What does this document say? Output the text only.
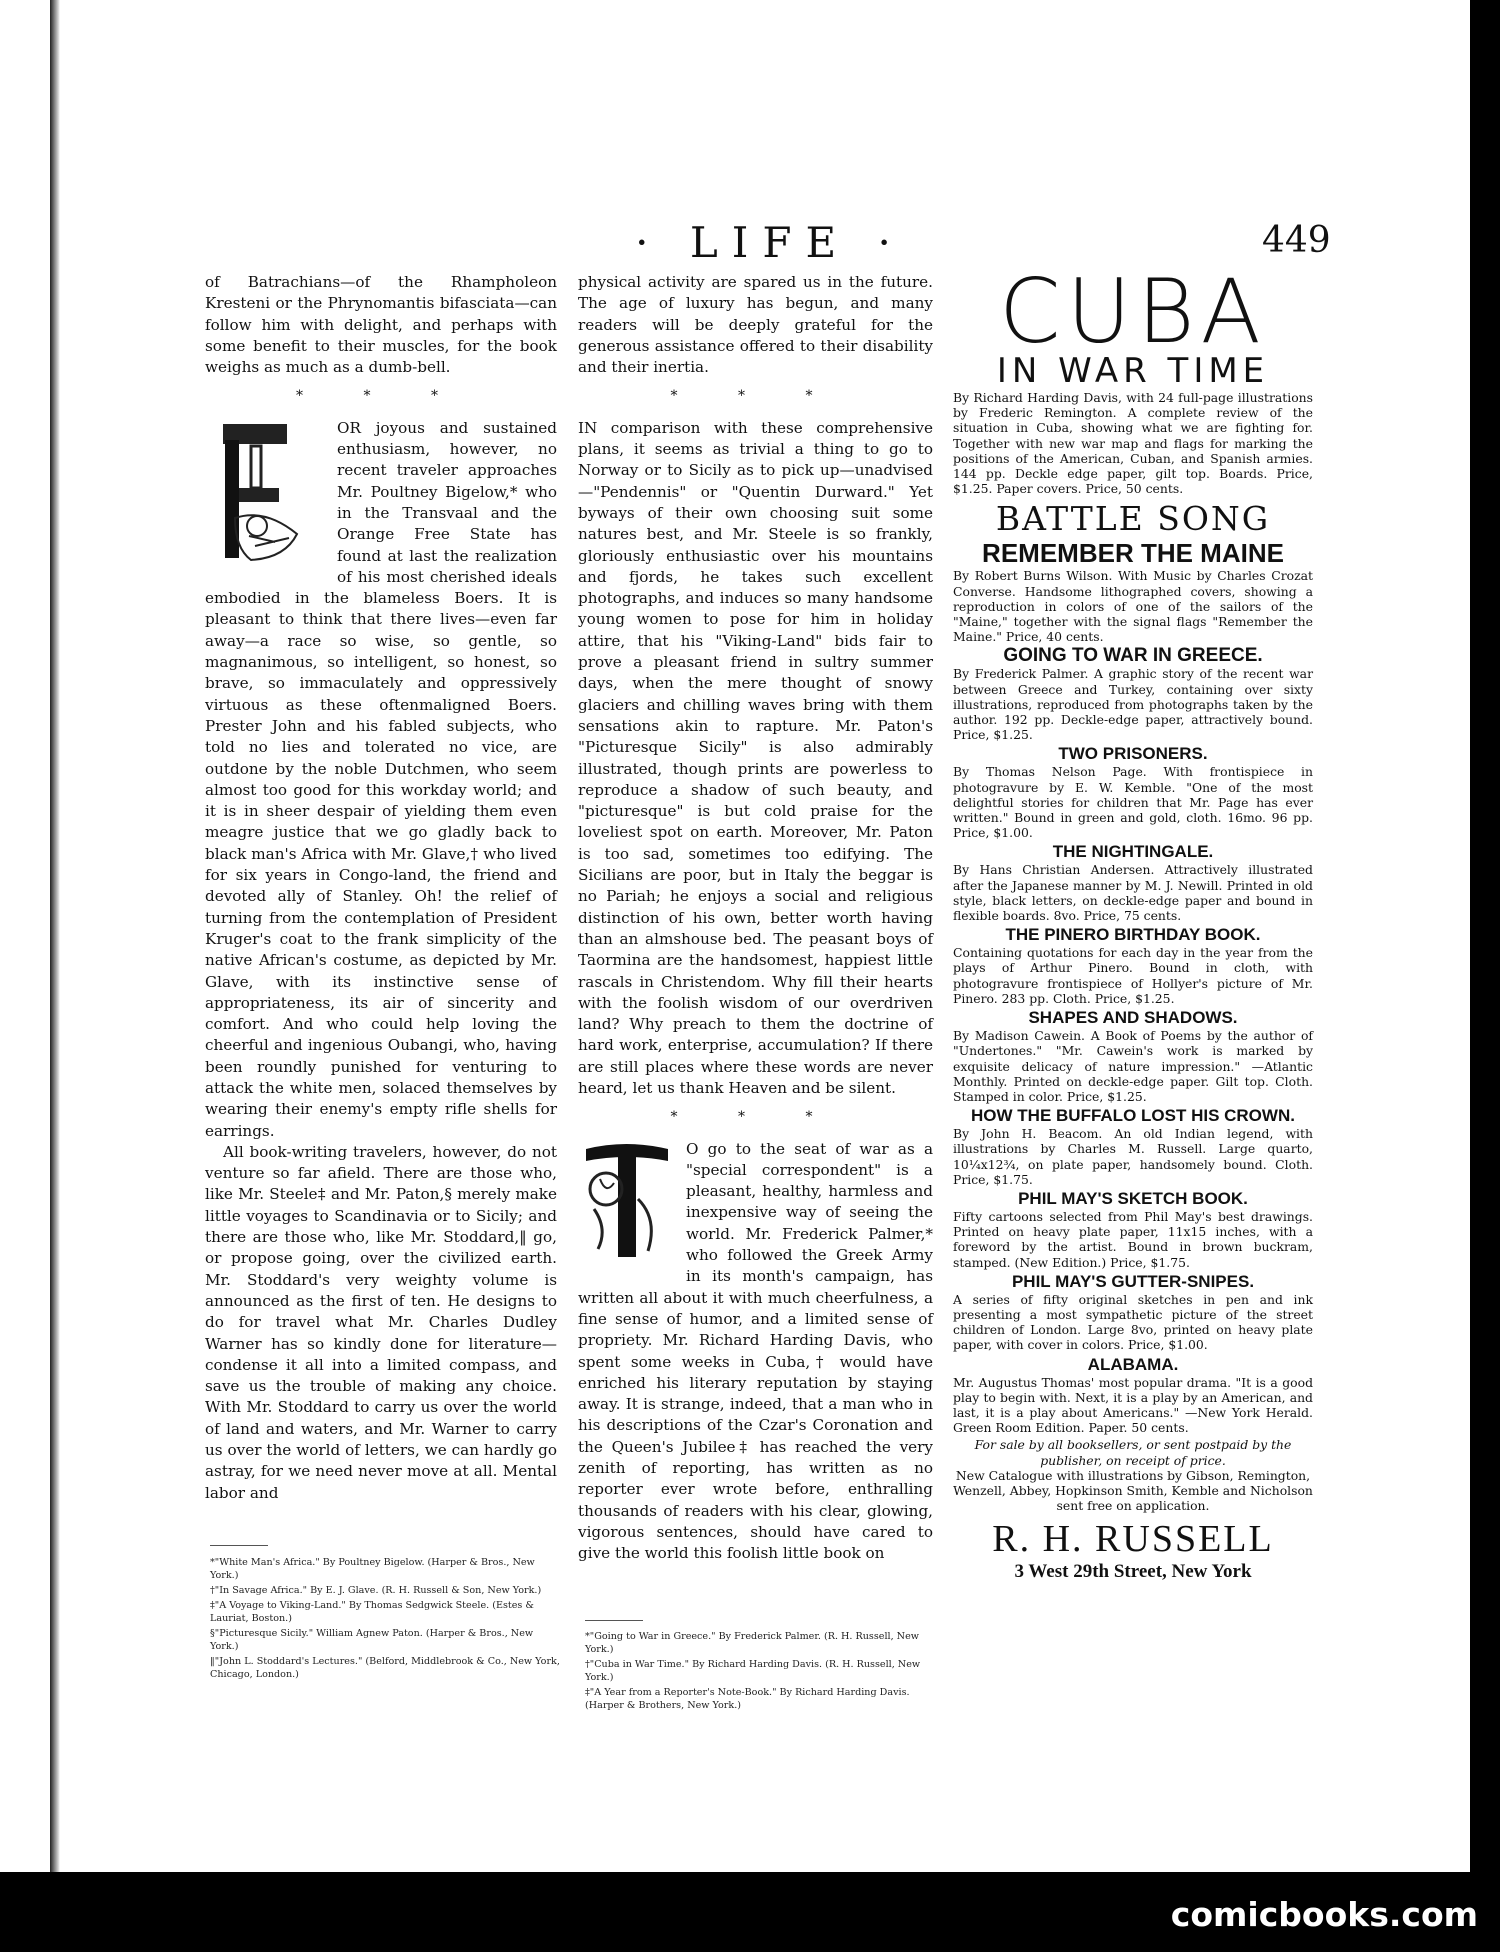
· LIFE ·	449

of Batrachians—of the Rhampholeon Kresteni or the Phrynomantis bifasciata—can follow him with delight, and perhaps with some benefit to their muscles, for the book weighs as much as a dumb-bell.

* * *

OR joyous and sustained enthusiasm, however, no recent traveler approaches Mr. Poultney Bigelow,* who in the Transvaal and the Orange Free State has found at last the realization of his most cherished ideals embodied in the blameless Boers. It is pleasant to think that there lives—even far away—a race so wise, so gentle, so magnanimous, so intelligent, so honest, so brave, so immaculately and oppressively virtuous as these oftenmaligned Boers. Prester John and his fabled subjects, who told no lies and tolerated no vice, are outdone by the noble Dutchmen, who seem almost too good for this workday world; and it is in sheer despair of yielding them even meagre justice that we go gladly back to black man's Africa with Mr. Glave,† who lived for six years in Congo-land, the friend and devoted ally of Stanley. Oh! the relief of turning from the contemplation of President Kruger's coat to the frank simplicity of the native African's costume, as depicted by Mr. Glave, with its instinctive sense of appropriateness, its air of sincerity and comfort. And who could help loving the cheerful and ingenious Oubangi, who, having been roundly punished for venturing to attack the white men, solaced themselves by wearing their enemy's empty rifle shells for earrings.

All book-writing travelers, however, do not venture so far afield. There are those who, like Mr. Steele‡ and Mr. Paton,§ merely make little voyages to Scandinavia or to Sicily; and there are those who, like Mr. Stoddard,‖ go, or propose going, over the civilized earth. Mr. Stoddard's very weighty volume is announced as the first of ten. He designs to do for travel what Mr. Charles Dudley Warner has so kindly done for literature—condense it all into a limited compass, and save us the trouble of making any choice. With Mr. Stoddard to carry us over the world of land and waters, and Mr. Warner to carry us over the world of letters, we can hardly go astray, for we need never move at all. Mental labor and

*"White Man's Africa." By Poultney Bigelow. (Harper & Bros., New York.)

†"In Savage Africa." By E. J. Glave. (R. H. Russell & Son, New York.)

‡"A Voyage to Viking-Land." By Thomas Sedgwick Steele. (Estes & Lauriat, Boston.)

§"Picturesque Sicily." William Agnew Paton. (Harper & Bros., New York.)

‖"John L. Stoddard's Lectures." (Belford, Middlebrook & Co., New York, Chicago, London.)

physical activity are spared us in the future. The age of luxury has begun, and many readers will be deeply grateful for the generous assistance offered to their disability and their inertia.

* * *

IN comparison with these comprehensive plans, it seems as trivial a thing to go to Norway or to Sicily as to pick up—unadvised—"Pendennis" or "Quentin Durward." Yet byways of their own choosing suit some natures best, and Mr. Steele is so frankly, gloriously enthusiastic over his mountains and fjords, he takes such excellent photographs, and induces so many handsome young women to pose for him in holiday attire, that his "Viking-Land" bids fair to prove a pleasant friend in sultry summer days, when the mere thought of snowy glaciers and chilling waves bring with them sensations akin to rapture. Mr. Paton's "Picturesque Sicily" is also admirably illustrated, though prints are powerless to reproduce a shadow of such beauty, and "picturesque" is but cold praise for the loveliest spot on earth. Moreover, Mr. Paton is too sad, sometimes too edifying. The Sicilians are poor, but in Italy the beggar is no Pariah; he enjoys a social and religious distinction of his own, better worth having than an almshouse bed. The peasant boys of Taormina are the handsomest, happiest little rascals in Christendom. Why fill their hearts with the foolish wisdom of our overdriven land? Why preach to them the doctrine of hard work, enterprise, accumulation? If there are still places where these words are never heard, let us thank Heaven and be silent.

* * *

O go to the seat of war as a "special correspondent" is a pleasant, healthy, harmless and inexpensive way of seeing the world. Mr. Frederick Palmer,* who followed the Greek Army in its month's campaign, has written all about it with much cheerfulness, a fine sense of humor, and a limited sense of propriety. Mr. Richard Harding Davis, who spent some weeks in Cuba,† would have enriched his literary reputation by staying away. It is strange, indeed, that a man who in his descriptions of the Czar's Coronation and the Queen's Jubilee‡ has reached the very zenith of reporting, has written as no reporter ever wrote before, enthralling thousands of readers with his clear, glowing, vigorous sentences, should have cared to give the world this foolish little book on

*"Going to War in Greece." By Frederick Palmer. (R. H. Russell, New York.)

†"Cuba in War Time." By Richard Harding Davis. (R. H. Russell, New York.)

‡"A Year from a Reporter's Note-Book." By Richard Harding Davis. (Harper & Brothers, New York.)

CUBA
IN WAR TIME

By Richard Harding Davis, with 24 full-page illustrations by Frederic Remington. A complete review of the situation in Cuba, showing what we are fighting for. Together with new war map and flags for marking the positions of the American, Cuban, and Spanish armies. 144 pp. Deckle edge paper, gilt top. Boards. Price, $1.25. Paper covers. Price, 50 cents.

BATTLE SONG
REMEMBER THE MAINE

By Robert Burns Wilson. With Music by Charles Crozat Converse. Handsome lithographed covers, showing a reproduction in colors of one of the sailors of the "Maine," together with the signal flags "Remember the Maine." Price, 40 cents.

GOING TO WAR IN GREECE.

By Frederick Palmer. A graphic story of the recent war between Greece and Turkey, containing over sixty illustrations, reproduced from photographs taken by the author. 192 pp. Deckle-edge paper, attractively bound. Price, $1.25.

TWO PRISONERS.

By Thomas Nelson Page. With frontispiece in photogravure by E. W. Kemble. "One of the most delightful stories for children that Mr. Page has ever written." Bound in green and gold, cloth. 16mo. 96 pp. Price, $1.00.

THE NIGHTINGALE.

By Hans Christian Andersen. Attractively illustrated after the Japanese manner by M. J. Newill. Printed in old style, black letters, on deckle-edge paper and bound in flexible boards. 8vo. Price, 75 cents.

THE PINERO BIRTHDAY BOOK.

Containing quotations for each day in the year from the plays of Arthur Pinero. Bound in cloth, with photogravure frontispiece of Hollyer's picture of Mr. Pinero. 283 pp. Cloth. Price, $1.25.

SHAPES AND SHADOWS.

By Madison Cawein. A Book of Poems by the author of "Undertones." "Mr. Cawein's work is marked by exquisite delicacy of nature impression." —Atlantic Monthly. Printed on deckle-edge paper. Gilt top. Cloth. Stamped in color. Price, $1.25.

HOW THE BUFFALO LOST HIS CROWN.

By John H. Beacom. An old Indian legend, with illustrations by Charles M. Russell. Large quarto, 10¼x12¾, on plate paper, handsomely bound. Cloth. Price, $1.75.

PHIL MAY'S SKETCH BOOK.

Fifty cartoons selected from Phil May's best drawings. Printed on heavy plate paper, 11x15 inches, with a foreword by the artist. Bound in brown buckram, stamped. (New Edition.) Price, $1.75.

PHIL MAY'S GUTTER-SNIPES.

A series of fifty original sketches in pen and ink presenting a most sympathetic picture of the street children of London. Large 8vo, printed on heavy plate paper, with cover in colors. Price, $1.00.

ALABAMA.

Mr. Augustus Thomas' most popular drama. "It is a good play to begin with. Next, it is a play by an American, and last, it is a play about Americans." —New York Herald. Green Room Edition. Paper. 50 cents.

For sale by all booksellers, or sent postpaid by the publisher, on receipt of price.

New Catalogue with illustrations by Gibson, Remington, Wenzell, Abbey, Hopkinson Smith, Kemble and Nicholson sent free on application.

R. H. RUSSELL
3 West 29th Street, New York
comicbooks.com
